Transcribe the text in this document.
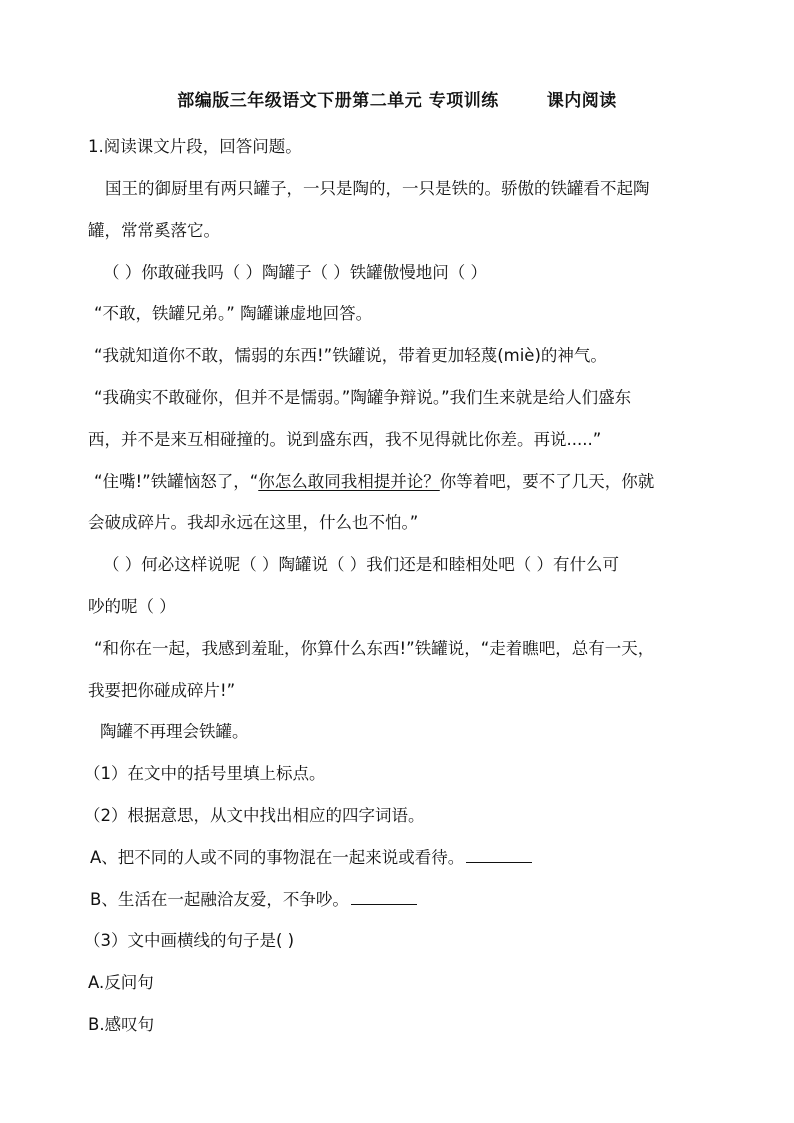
部编版三年级语文下册第二单元 专项训练	课内阅读
1.阅读课文片段，回答问题。
国王的御厨里有两只罐子，一只是陶的，一只是铁的。骄傲的铁罐看不起陶
罐，常常奚落它。
（ ）你敢碰我吗（ ）陶罐子（ ）铁罐傲慢地问（ ）
“不敢，铁罐兄弟。” 陶罐谦虚地回答。
“我就知道你不敢，懦弱的东西!”铁罐说，带着更加轻蔑(miè)的神气。
“我确实不敢碰你，但并不是懦弱。”陶罐争辩说。”我们生来就是给人们盛东
西，并不是来互相碰撞的。说到盛东西，我不见得就比你差。再说.....”
“住嘴!”铁罐恼怒了，“你怎么敢同我相提并论？你等着吧，要不了几天，你就
会破成碎片。我却永远在这里，什么也不怕。”
（ ）何必这样说呢（ ）陶罐说（ ）我们还是和睦相处吧（ ）有什么可
吵的呢（ ）
“和你在一起，我感到羞耻，你算什么东西!”铁罐说，“走着瞧吧，总有一天，
我要把你碰成碎片!”
陶罐不再理会铁罐。
（1）在文中的括号里填上标点。
（2）根据意思，从文中找出相应的四字词语。
A、把不同的人或不同的事物混在一起来说或看待。
B、生活在一起融洽友爱，不争吵。
（3）文中画横线的句子是( )
A.反问句
B.感叹句
